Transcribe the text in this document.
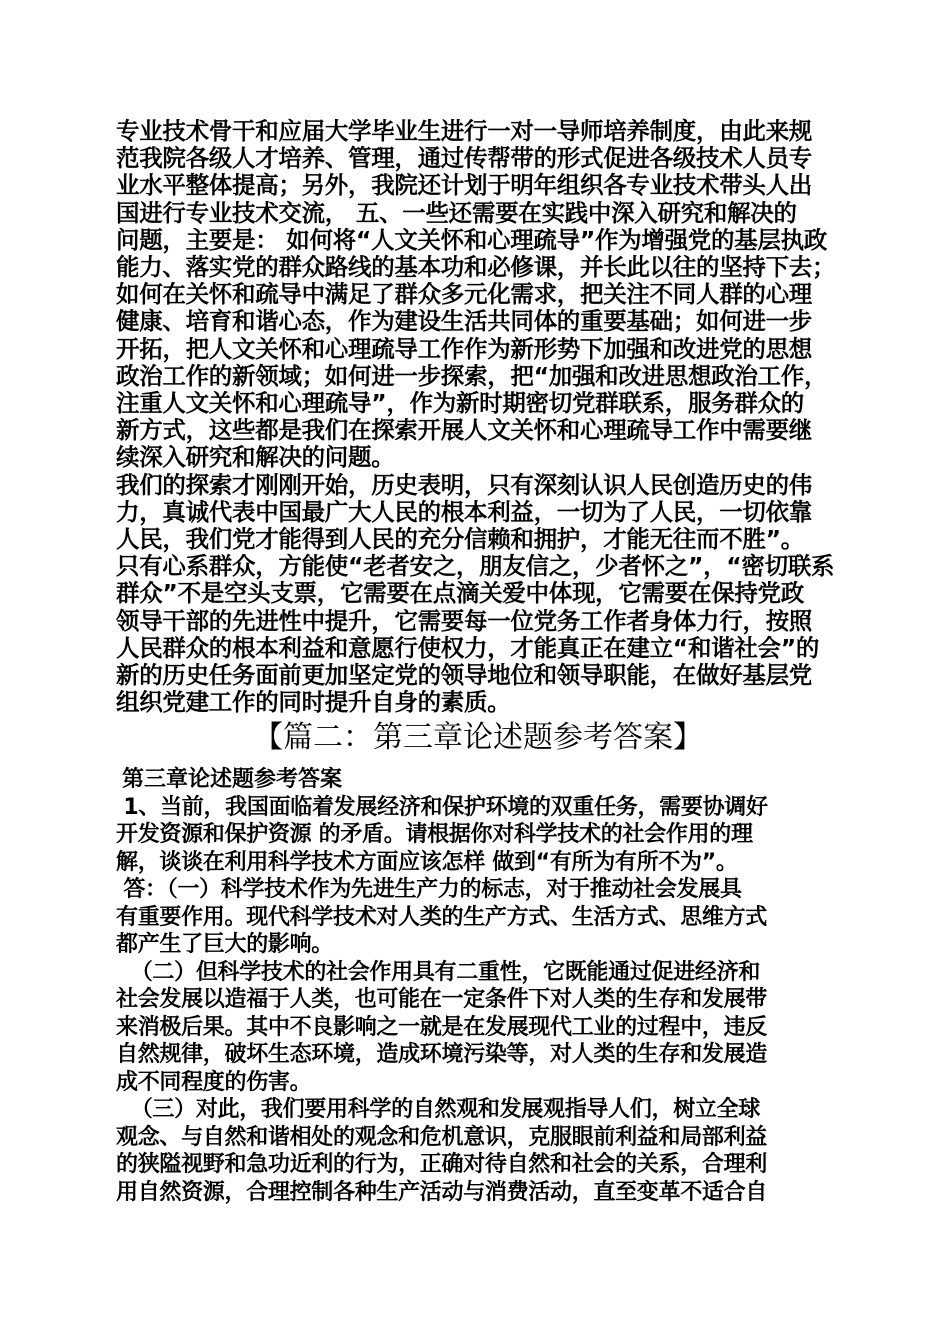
专业技术骨干和应届大学毕业生进行一对一导师培养制度，由此来规
范我院各级人才培养、管理，通过传帮带的形式促进各级技术人员专
业水平整体提高；另外，我院还计划于明年组织各专业技术带头人出
国进行专业技术交流， 五、一些还需要在实践中深入研究和解决的
问题，主要是： 如何将“人文关怀和心理疏导”作为增强党的基层执政
能力、落实党的群众路线的基本功和必修课，并长此以往的坚持下去；
如何在关怀和疏导中满足了群众多元化需求，把关注不同人群的心理
健康、培育和谐心态，作为建设生活共同体的重要基础；如何进一步
开拓，把人文关怀和心理疏导工作作为新形势下加强和改进党的思想
政治工作的新领域；如何进一步探索，把“加强和改进思想政治工作，
注重人文关怀和心理疏导”，作为新时期密切党群联系，服务群众的
新方式，这些都是我们在探索开展人文关怀和心理疏导工作中需要继
续深入研究和解决的问题。
我们的探索才刚刚开始，历史表明，只有深刻认识人民创造历史的伟
力，真诚代表中国最广大人民的根本利益，一切为了人民，一切依靠
人民，我们党才能得到人民的充分信赖和拥护，才能无往而不胜”。
只有心系群众，方能使“老者安之，朋友信之，少者怀之”，“密切联系
群众”不是空头支票，它需要在点滴关爱中体现，它需要在保持党政
领导干部的先进性中提升，它需要每一位党务工作者身体力行，按照
人民群众的根本利益和意愿行使权力，才能真正在建立“和谐社会”的
新的历史任务面前更加坚定党的领导地位和领导职能，在做好基层党
组织党建工作的同时提升自身的素质。
【篇二：第三章论述题参考答案】
第三章论述题参考答案
1、当前，我国面临着发展经济和保护环境的双重任务，需要协调好
开发资源和保护资源 的矛盾。请根据你对科学技术的社会作用的理
解，谈谈在利用科学技术方面应该怎样 做到“有所为有所不为”。
答：（一）科学技术作为先进生产力的标志，对于推动社会发展具
有重要作用。现代科学技术对人类的生产方式、生活方式、思维方式
都产生了巨大的影响。
（二）但科学技术的社会作用具有二重性，它既能通过促进经济和
社会发展以造福于人类，也可能在一定条件下对人类的生存和发展带
来消极后果。其中不良影响之一就是在发展现代工业的过程中，违反
自然规律，破坏生态环境，造成环境污染等，对人类的生存和发展造
成不同程度的伤害。
（三）对此，我们要用科学的自然观和发展观指导人们，树立全球
观念、与自然和谐相处的观念和危机意识，克服眼前利益和局部利益
的狭隘视野和急功近利的行为，正确对待自然和社会的关系，合理利
用自然资源，合理控制各种生产活动与消费活动，直至变革不适合自
